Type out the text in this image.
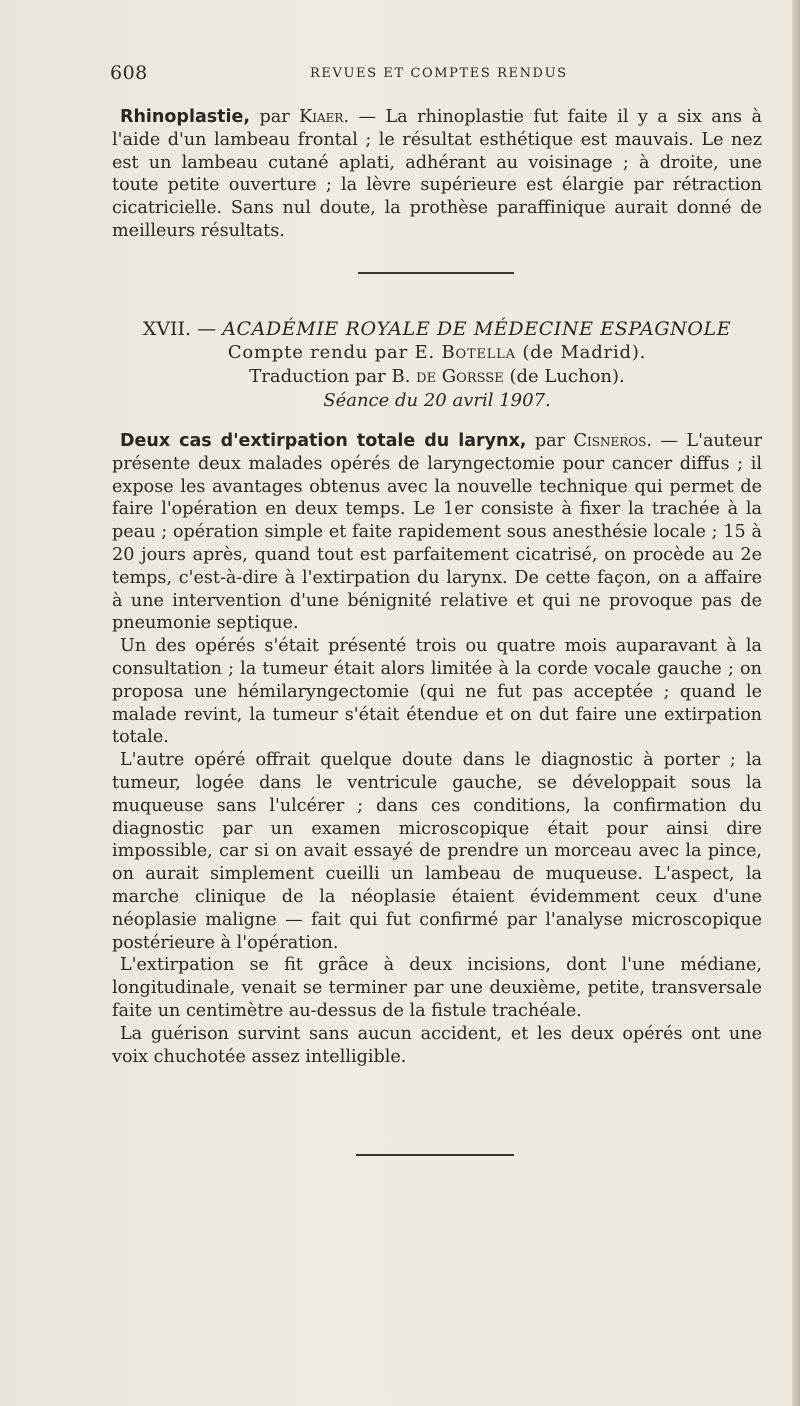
608	REVUES ET COMPTES RENDUS

Rhinoplastie, par Kiaer. — La rhinoplastie fut faite il y a six ans à l'aide d'un lambeau frontal ; le résultat esthétique est mauvais. Le nez est un lambeau cutané aplati, adhérant au voisinage ; à droite, une toute petite ouverture ; la lèvre supérieure est élargie par rétraction cicatricielle. Sans nul doute, la prothèse paraffinique aurait donné de meilleurs résultats.

XVII. — ACADÉMIE ROYALE DE MÉDECINE ESPAGNOLE
Compte rendu par E. Botella (de Madrid).
Traduction par B. de Gorsse (de Luchon).
Séance du 20 avril 1907.

Deux cas d'extirpation totale du larynx, par Cisneros. — L'auteur présente deux malades opérés de laryngectomie pour cancer diffus ; il expose les avantages obtenus avec la nouvelle technique qui permet de faire l'opération en deux temps. Le 1er consiste à fixer la trachée à la peau ; opération simple et faite rapidement sous anesthésie locale ; 15 à 20 jours après, quand tout est parfaitement cicatrisé, on procède au 2e temps, c'est-à-dire à l'extirpation du larynx. De cette façon, on a affaire à une intervention d'une bénignité relative et qui ne provoque pas de pneumonie septique.

Un des opérés s'était présenté trois ou quatre mois auparavant à la consultation ; la tumeur était alors limitée à la corde vocale gauche ; on proposa une hémilaryngectomie (qui ne fut pas acceptée ; quand le malade revint, la tumeur s'était étendue et on dut faire une extirpation totale.

L'autre opéré offrait quelque doute dans le diagnostic à porter ; la tumeur, logée dans le ventricule gauche, se développait sous la muqueuse sans l'ulcérer ; dans ces conditions, la confirmation du diagnostic par un examen microscopique était pour ainsi dire impossible, car si on avait essayé de prendre un morceau avec la pince, on aurait simplement cueilli un lambeau de muqueuse. L'aspect, la marche clinique de la néoplasie étaient évidemment ceux d'une néoplasie maligne — fait qui fut confirmé par l'analyse microscopique postérieure à l'opération.

L'extirpation se fit grâce à deux incisions, dont l'une médiane, longitudinale, venait se terminer par une deuxième, petite, transversale faite un centimètre au-dessus de la fistule trachéale.

La guérison survint sans aucun accident, et les deux opérés ont une voix chuchotée assez intelligible.
